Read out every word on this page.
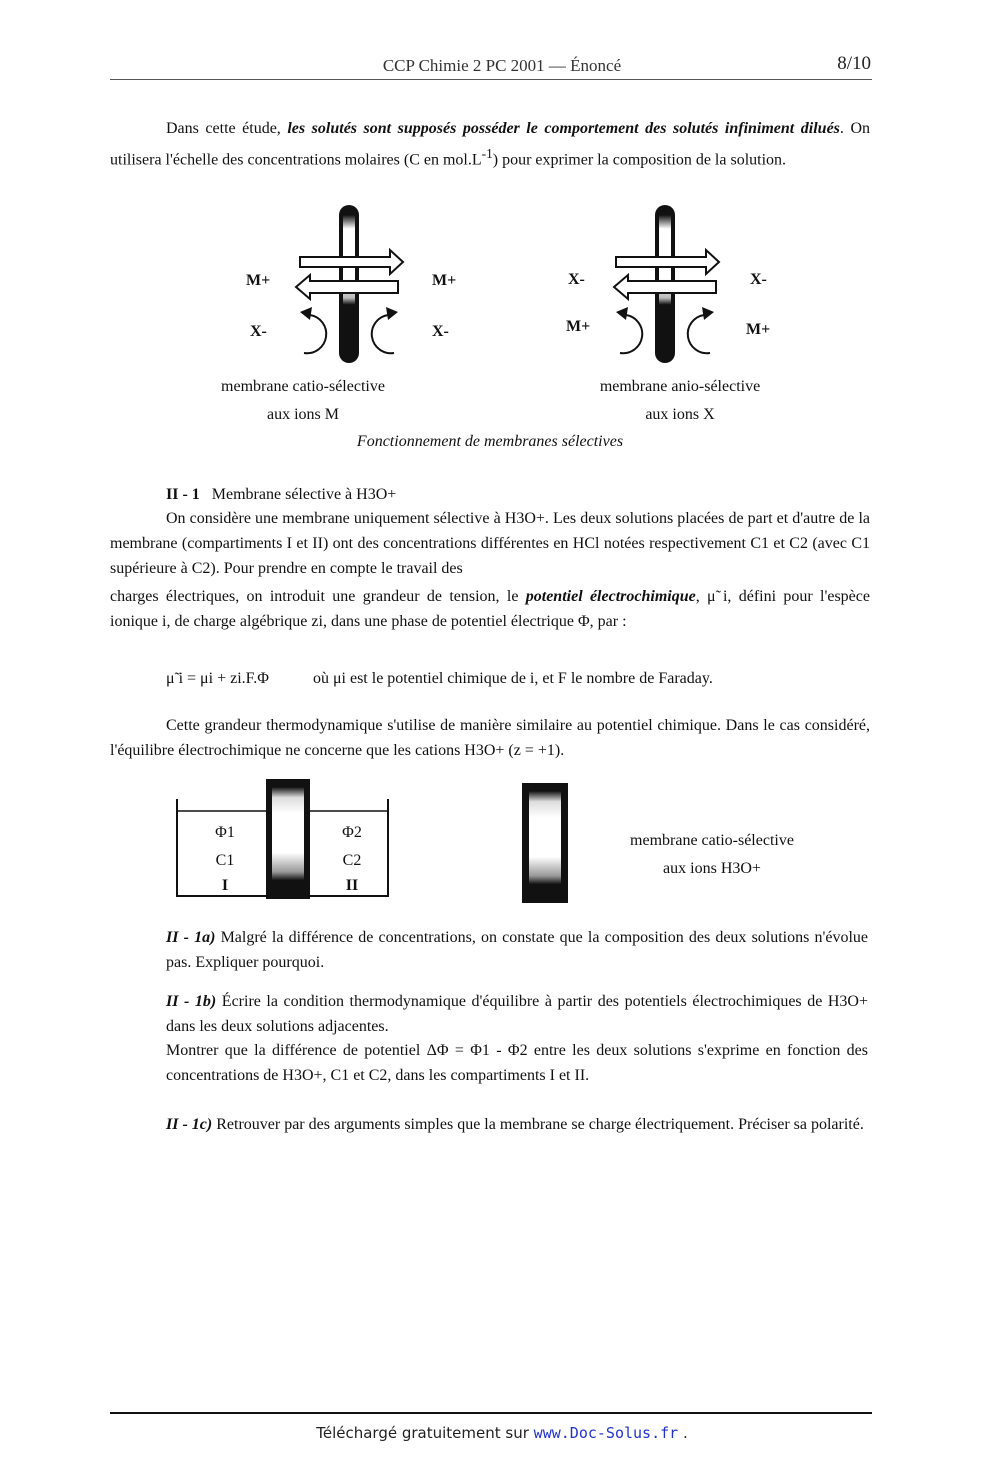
CCP Chimie 2 PC 2001 — Énoncé	8/10
Dans cette étude, les solutés sont supposés posséder le comportement des solutés infiniment dilués. On utilisera l'échelle des concentrations molaires (C en $mol.L^{-1}$) pour exprimer la composition de la solution.
M+	M+
X-	X-
X-	X-
M+	M+
membrane catio-sélective
aux ions M
membrane anio-sélective
aux ions X
Fonctionnement de membranes sélectives
II - 1 Membrane sélective à H3O+
On considère une membrane uniquement sélective à H3O+. Les deux solutions placées de part et d'autre de la membrane (compartiments I et II) ont des concentrations différentes en HCl notées respectivement C1 et C2 (avec C1 supérieure à C2). Pour prendre en compte le travail des
charges électriques, on introduit une grandeur de tension, le potentiel électrochimique, μ̃ i, défini pour l'espèce ionique i, de charge algébrique zi, dans une phase de potentiel électrique Φ, par :
μ̃ i = μi + zi.F.Φ	où μi est le potentiel chimique de i, et F le nombre de Faraday.
Cette grandeur thermodynamique s'utilise de manière similaire au potentiel chimique. Dans le cas considéré, l'équilibre électrochimique ne concerne que les cations H3O+ (z = +1).
Φ1
C1
I
Φ2
C2
II
membrane catio-sélective
aux ions H3O+
II - 1a) Malgré la différence de concentrations, on constate que la composition des deux solutions n'évolue pas. Expliquer pourquoi.
II - 1b) Écrire la condition thermodynamique d'équilibre à partir des potentiels électrochimiques de H3O+ dans les deux solutions adjacentes.
Montrer que la différence de potentiel ΔΦ = Φ1 - Φ2 entre les deux solutions s'exprime en fonction des concentrations de H3O+, C1 et C2, dans les compartiments I et II.
II - 1c) Retrouver par des arguments simples que la membrane se charge électriquement. Préciser sa polarité.
Téléchargé gratuitement sur www.Doc-Solus.fr .
